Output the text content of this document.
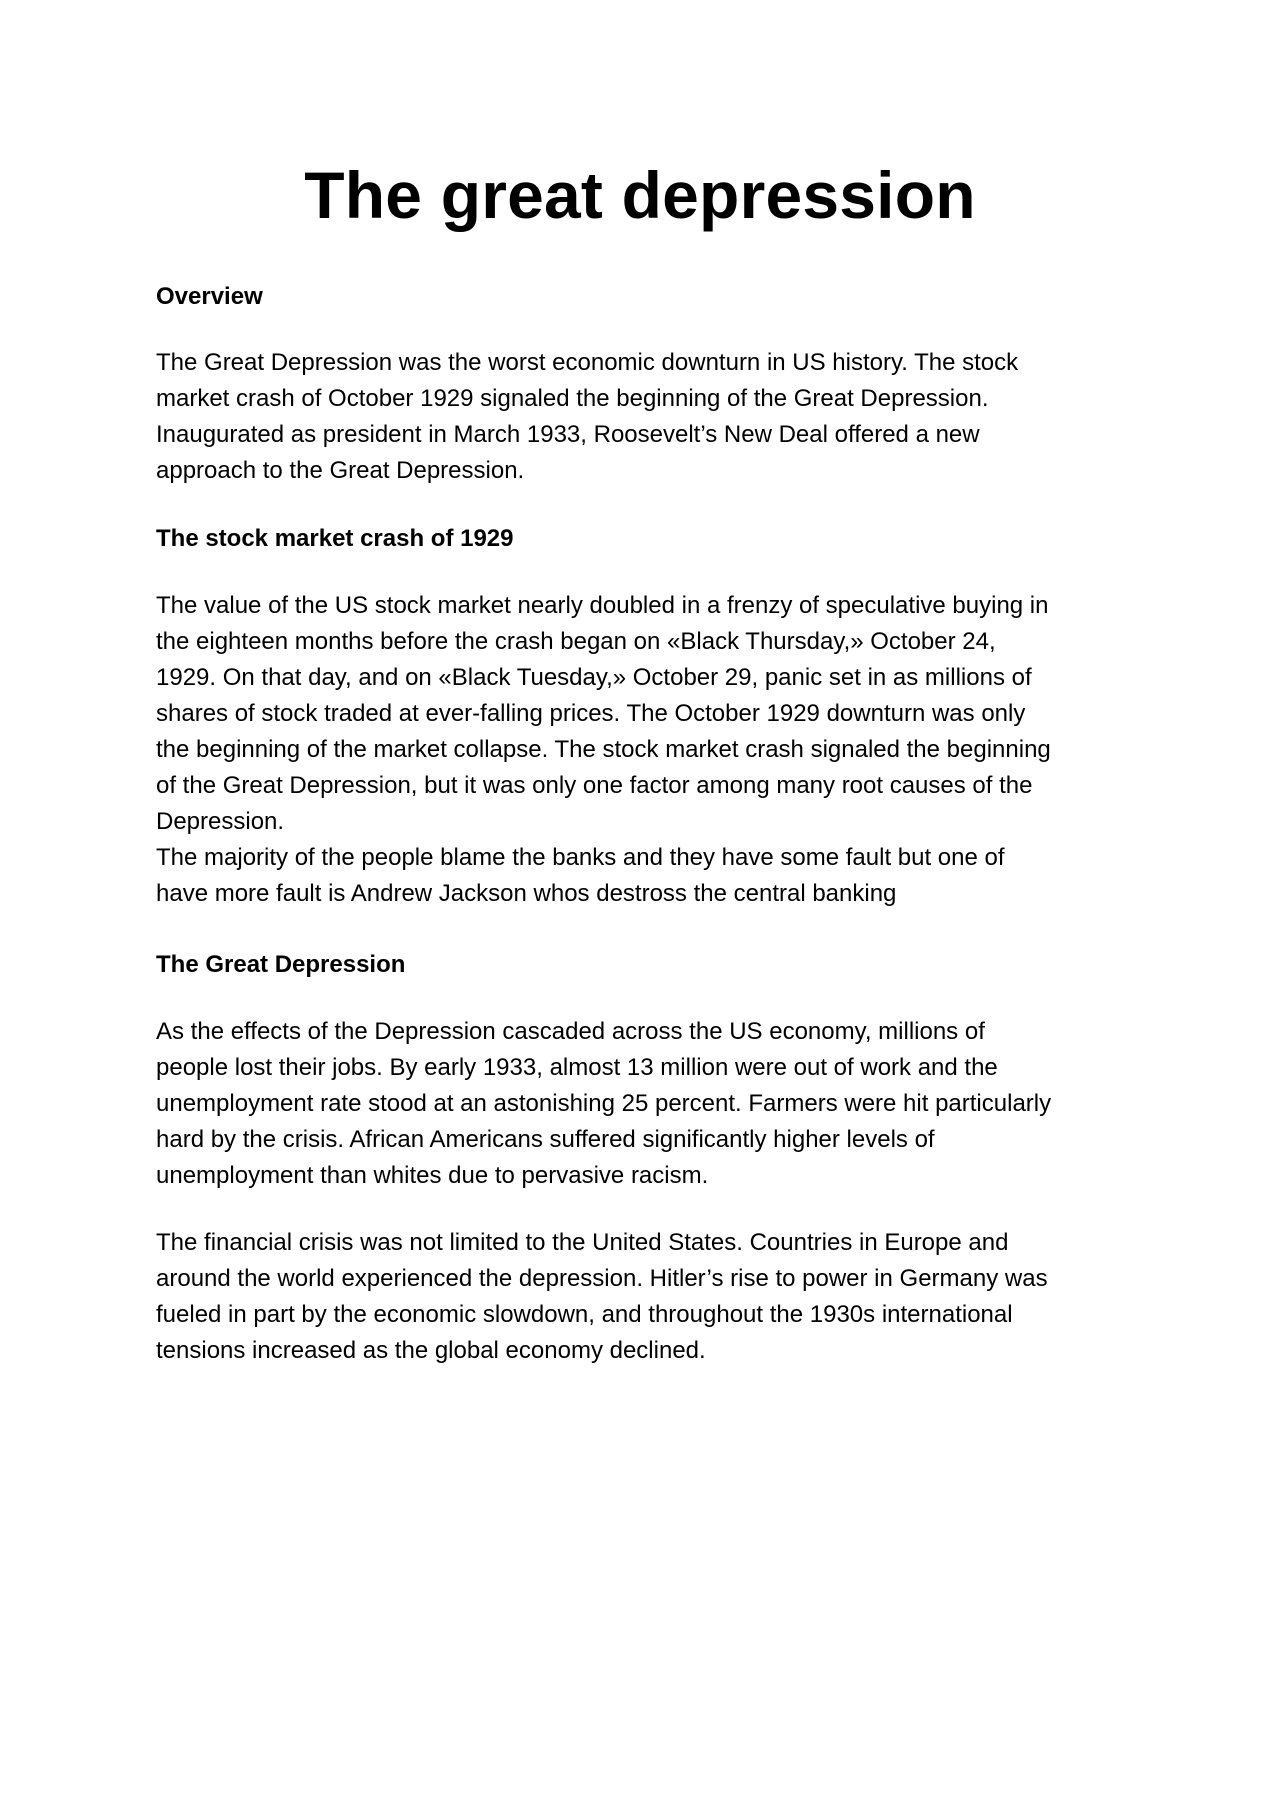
The great depression
Overview
The Great Depression was the worst economic downturn in US history. The stock
market crash of October 1929 signaled the beginning of the Great Depression.
Inaugurated as president in March 1933, Roosevelt’s New Deal offered a new
approach to the Great Depression.
The stock market crash of 1929
The value of the US stock market nearly doubled in a frenzy of speculative buying in
the eighteen months before the crash began on «Black Thursday,» October 24,
1929. On that day, and on «Black Tuesday,» October 29, panic set in as millions of
shares of stock traded at ever-falling prices. The October 1929 downturn was only
the beginning of the market collapse. The stock market crash signaled the beginning
of the Great Depression, but it was only one factor among many root causes of the
Depression.
The majority of the people blame the banks and they have some fault but one of
have more fault is Andrew Jackson whos destross the central banking
The Great Depression
As the effects of the Depression cascaded across the US economy, millions of
people lost their jobs. By early 1933, almost 13 million were out of work and the
unemployment rate stood at an astonishing 25 percent. Farmers were hit particularly
hard by the crisis. African Americans suffered significantly higher levels of
unemployment than whites due to pervasive racism.
The financial crisis was not limited to the United States. Countries in Europe and
around the world experienced the depression. Hitler’s rise to power in Germany was
fueled in part by the economic slowdown, and throughout the 1930s international
tensions increased as the global economy declined.
